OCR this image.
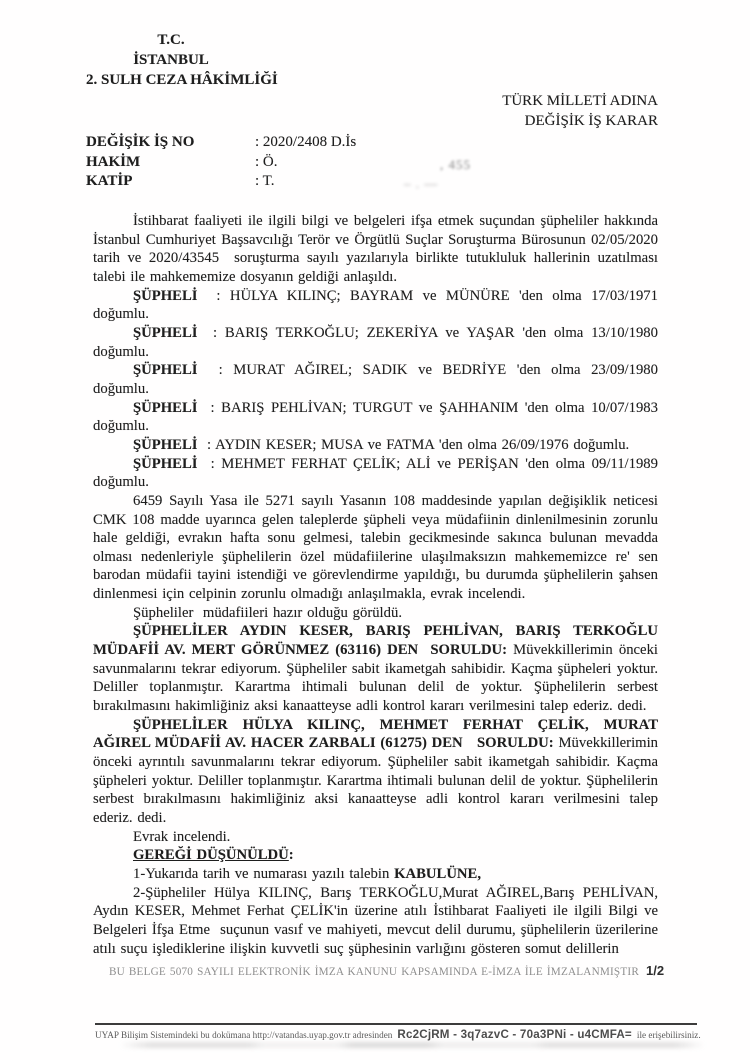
T.C.
İSTANBUL
2. SULH CEZA HÂKİMLİĞİ
TÜRK MİLLETİ ADINA
DEĞİŞİK İŞ KARAR
DEĞİŞİK İŞ NO	: 2020/2408 D.İs
HAKİM	: Ö.	, 455
KATİP	: T.	– . —

İstihbarat faaliyeti ile ilgili bilgi ve belgeleri ifşa etmek suçundan şüpheliler hakkında İstanbul Cumhuriyet Başsavcılığı Terör ve Örgütlü Suçlar Soruşturma Bürosunun 02/05/2020 tarih ve 2020/43545  soruşturma sayılı yazılarıyla birlikte tutukluluk hallerinin uzatılması talebi ile mahkememize dosyanın geldiği anlaşıldı.

ŞÜPHELİ  : HÜLYA KILINÇ; BAYRAM ve MÜNÜRE 'den olma 17/03/1971 doğumlu.

ŞÜPHELİ  : BARIŞ TERKOĞLU; ZEKERİYA ve YAŞAR 'den olma 13/10/1980 doğumlu.

ŞÜPHELİ  : MURAT AĞIREL; SADIK ve BEDRİYE 'den olma 23/09/1980 doğumlu.

ŞÜPHELİ  : BARIŞ PEHLİVAN; TURGUT ve ŞAHHANIM 'den olma 10/07/1983 doğumlu.

ŞÜPHELİ  : AYDIN KESER; MUSA ve FATMA 'den olma 26/09/1976 doğumlu.

ŞÜPHELİ  : MEHMET FERHAT ÇELİK; ALİ ve PERİŞAN 'den olma 09/11/1989 doğumlu.

6459 Sayılı Yasa ile 5271 sayılı Yasanın 108 maddesinde yapılan değişiklik neticesi CMK 108 madde uyarınca gelen taleplerde şüpheli veya müdafiinin dinlenilmesinin zorunlu hale geldiği, evrakın hafta sonu gelmesi, talebin gecikmesinde sakınca bulunan mevadda olması nedenleriyle şüphelilerin özel müdafiilerine ulaşılmaksızın mahkememizce re' sen barodan müdafii tayini istendiği ve görevlendirme yapıldığı, bu durumda şüphelilerin şahsen dinlenmesi için celpinin zorunlu olmadığı anlaşılmakla, evrak incelendi.

Şüpheliler  müdafiileri hazır olduğu görüldü.

ŞÜPHELİLER AYDIN KESER, BARIŞ PEHLİVAN, BARIŞ TERKOĞLU MÜDAFİİ AV. MERT GÖRÜNMEZ (63116) DEN  SORULDU: Müvekkillerimin önceki savunmalarını tekrar ediyorum. Şüpheliler sabit ikametgah sahibidir. Kaçma şüpheleri yoktur. Deliller toplanmıştır. Karartma ihtimali bulunan delil de yoktur. Şüphelilerin serbest bırakılmasını hakimliğiniz aksi kanaatteyse adli kontrol kararı verilmesini talep ederiz. dedi.

ŞÜPHELİLER HÜLYA KILINÇ, MEHMET FERHAT ÇELİK, MURAT AĞIREL MÜDAFİİ AV. HACER ZARBALI (61275) DEN   SORULDU: Müvekkillerimin önceki ayrıntılı savunmalarını tekrar ediyorum. Şüpheliler sabit ikametgah sahibidir. Kaçma şüpheleri yoktur. Deliller toplanmıştır. Karartma ihtimali bulunan delil de yoktur. Şüphelilerin serbest bırakılmasını hakimliğiniz aksi kanaatteyse adli kontrol kararı verilmesini talep ederiz. dedi.

Evrak incelendi.

GEREĞİ DÜŞÜNÜLDÜ:

1-Yukarıda tarih ve numarası yazılı talebin KABULÜNE,

2-Şüpheliler Hülya KILINÇ, Barış TERKOĞLU,Murat AĞIREL,Barış PEHLİVAN, Aydın KESER, Mehmet Ferhat ÇELİK'in üzerine atılı İstihbarat Faaliyeti ile ilgili Bilgi ve Belgeleri İfşa Etme  suçunun vasıf ve mahiyeti, mevcut delil durumu, şüphelilerin üzerilerine atılı suçu işlediklerine ilişkin kuvvetli suç şüphesinin varlığını gösteren somut delillerin

BU BELGE 5070 SAYILI ELEKTRONİK İMZA KANUNU KAPSAMINDA E-İMZA İLE İMZALANMIŞTIR 1/2
UYAP Bilişim Sistemindeki bu dokümana http://vatandas.uyap.gov.tr adresinden Rc2CjRM - 3q7azvC - 70a3PNi - u4CMFA= ile erişebilirsiniz.
